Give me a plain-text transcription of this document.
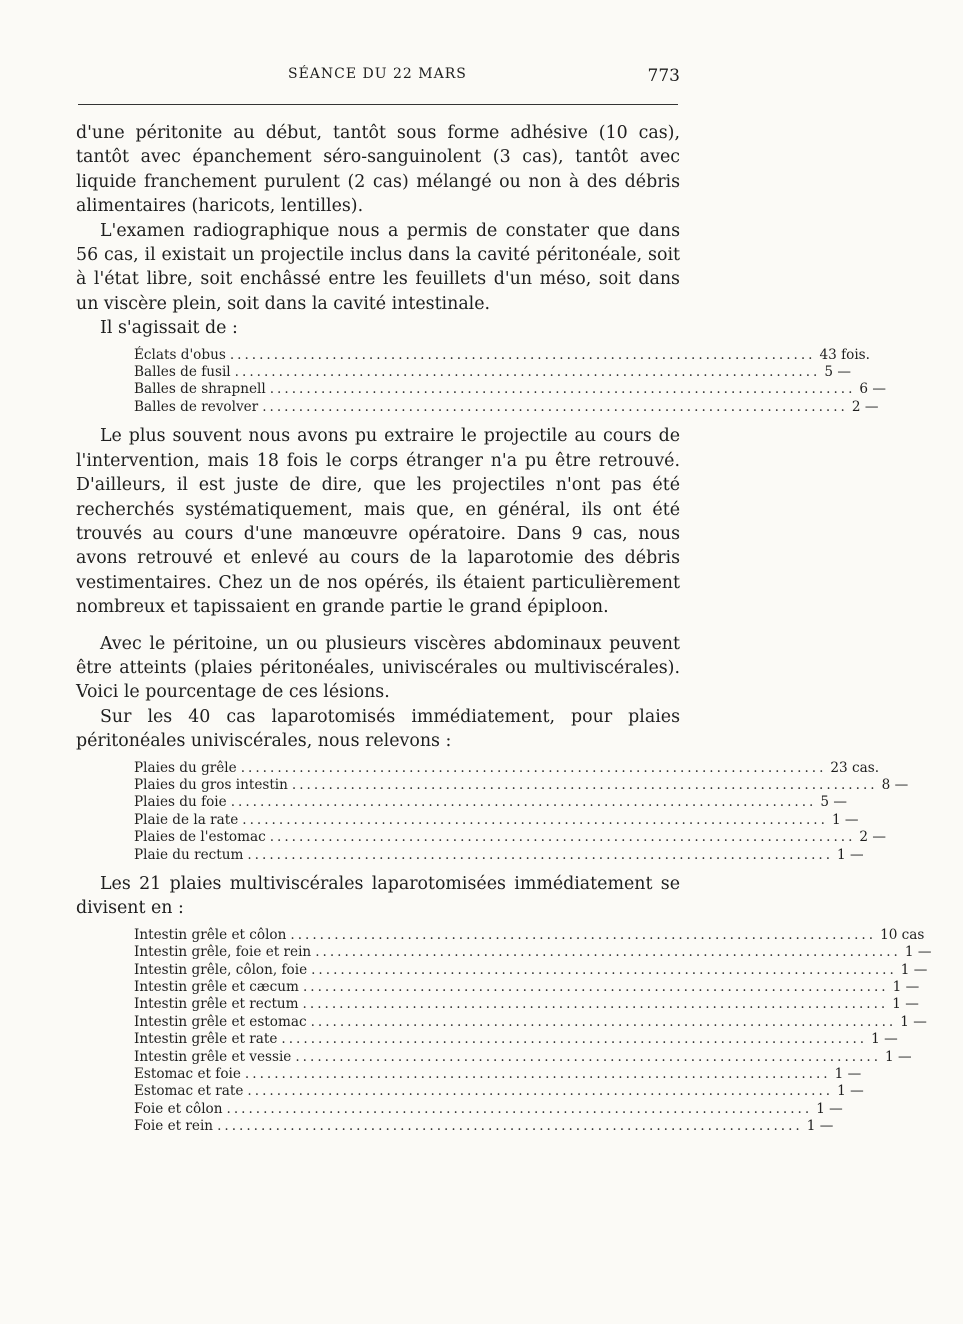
SÉANCE DU 22 MARS	773

d'une péritonite au début, tantôt sous forme adhésive (10 cas), tantôt avec épanchement séro-sanguinolent (3 cas), tantôt avec liquide franchement purulent (2 cas) mélangé ou non à des débris alimentaires (haricots, lentilles).

L'examen radiographique nous a permis de constater que dans 56 cas, il existait un projectile inclus dans la cavité péritonéale, soit à l'état libre, soit enchâssé entre les feuillets d'un méso, soit dans un viscère plein, soit dans la cavité intestinale.

Il s'agissait de :

Éclats d'obus ................................................................................ 43 fois.
Balles de fusil ................................................................................ 5 —
Balles de shrapnell ................................................................................ 6 —
Balles de revolver ................................................................................ 2 —

Le plus souvent nous avons pu extraire le projectile au cours de l'intervention, mais 18 fois le corps étranger n'a pu être retrouvé. D'ailleurs, il est juste de dire, que les projectiles n'ont pas été recherchés systématiquement, mais que, en général, ils ont été trouvés au cours d'une manœuvre opératoire. Dans 9 cas, nous avons retrouvé et enlevé au cours de la laparotomie des débris vestimentaires. Chez un de nos opérés, ils étaient particulièrement nombreux et tapissaient en grande partie le grand épiploon.

Avec le péritoine, un ou plusieurs viscères abdominaux peuvent être atteints (plaies péritonéales, univiscérales ou multiviscérales). Voici le pourcentage de ces lésions.

Sur les 40 cas laparotomisés immédiatement, pour plaies péritonéales univiscérales, nous relevons :

Plaies du grêle ................................................................................ 23 cas.
Plaies du gros intestin ................................................................................ 8 —
Plaies du foie ................................................................................ 5 —
Plaie de la rate ................................................................................ 1 —
Plaies de l'estomac ................................................................................ 2 —
Plaie du rectum ................................................................................ 1 —

Les 21 plaies multiviscérales laparotomisées immédiatement se divisent en :

Intestin grêle et côlon ................................................................................ 10 cas
Intestin grêle, foie et rein ................................................................................ 1 —
Intestin grêle, côlon, foie ................................................................................ 1 —
Intestin grêle et cæcum ................................................................................ 1 —
Intestin grêle et rectum ................................................................................ 1 —
Intestin grêle et estomac ................................................................................ 1 —
Intestin grêle et rate ................................................................................ 1 —
Intestin grêle et vessie ................................................................................ 1 —
Estomac et foie ................................................................................ 1 —
Estomac et rate ................................................................................ 1 —
Foie et côlon ................................................................................ 1 —
Foie et rein ................................................................................ 1 —
